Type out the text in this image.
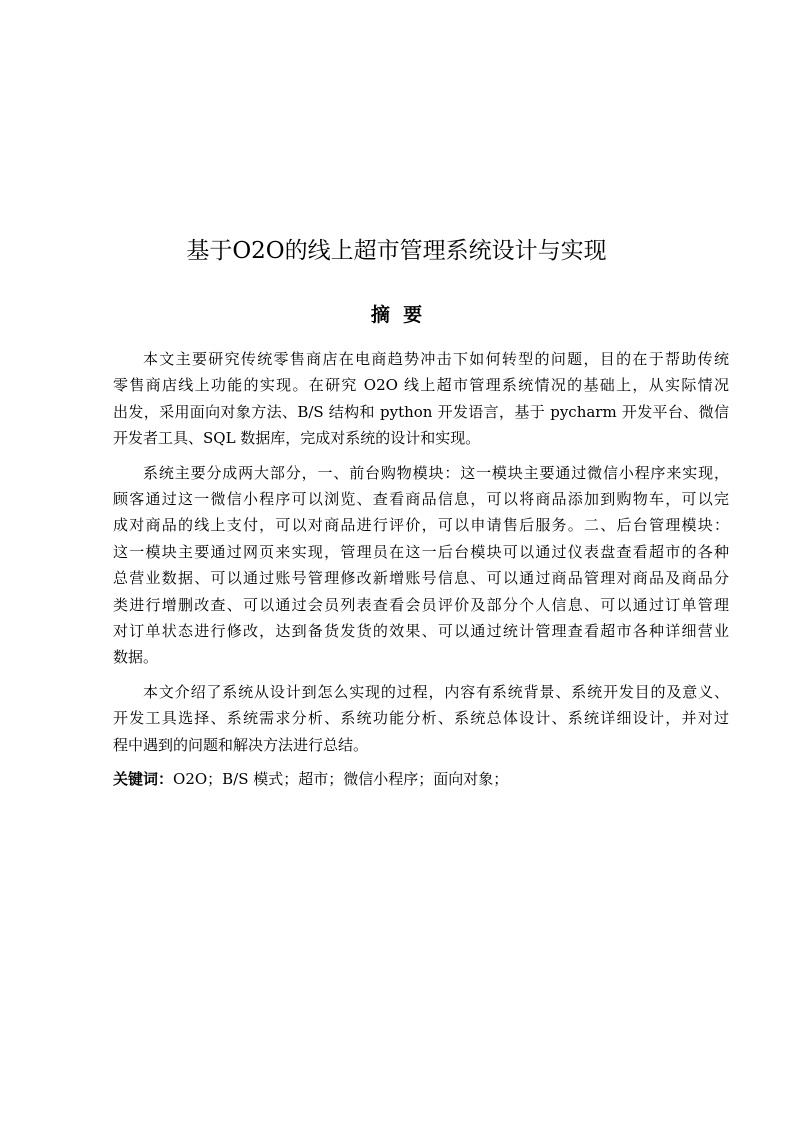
基于O2O的线上超市管理系统设计与实现
摘  要
本文主要研究传统零售商店在电商趋势冲击下如何转型的问题，目的在于帮助传统
零售商店线上功能的实现。在研究 O2O 线上超市管理系统情况的基础上，从实际情况
出发，采用面向对象方法、B/S 结构和 python 开发语言，基于 pycharm 开发平台、微信
开发者工具、SQL 数据库，完成对系统的设计和实现。
系统主要分成两大部分，一、前台购物模块：这一模块主要通过微信小程序来实现，
顾客通过这一微信小程序可以浏览、查看商品信息，可以将商品添加到购物车，可以完
成对商品的线上支付，可以对商品进行评价，可以申请售后服务。二、后台管理模块：
这一模块主要通过网页来实现，管理员在这一后台模块可以通过仪表盘查看超市的各种
总营业数据、可以通过账号管理修改新增账号信息、可以通过商品管理对商品及商品分
类进行增删改查、可以通过会员列表查看会员评价及部分个人信息、可以通过订单管理
对订单状态进行修改，达到备货发货的效果、可以通过统计管理查看超市各种详细营业
数据。
本文介绍了系统从设计到怎么实现的过程，内容有系统背景、系统开发目的及意义、
开发工具选择、系统需求分析、系统功能分析、系统总体设计、系统详细设计，并对过
程中遇到的问题和解决方法进行总结。
关键词：O2O；B/S 模式；超市；微信小程序；面向对象；
